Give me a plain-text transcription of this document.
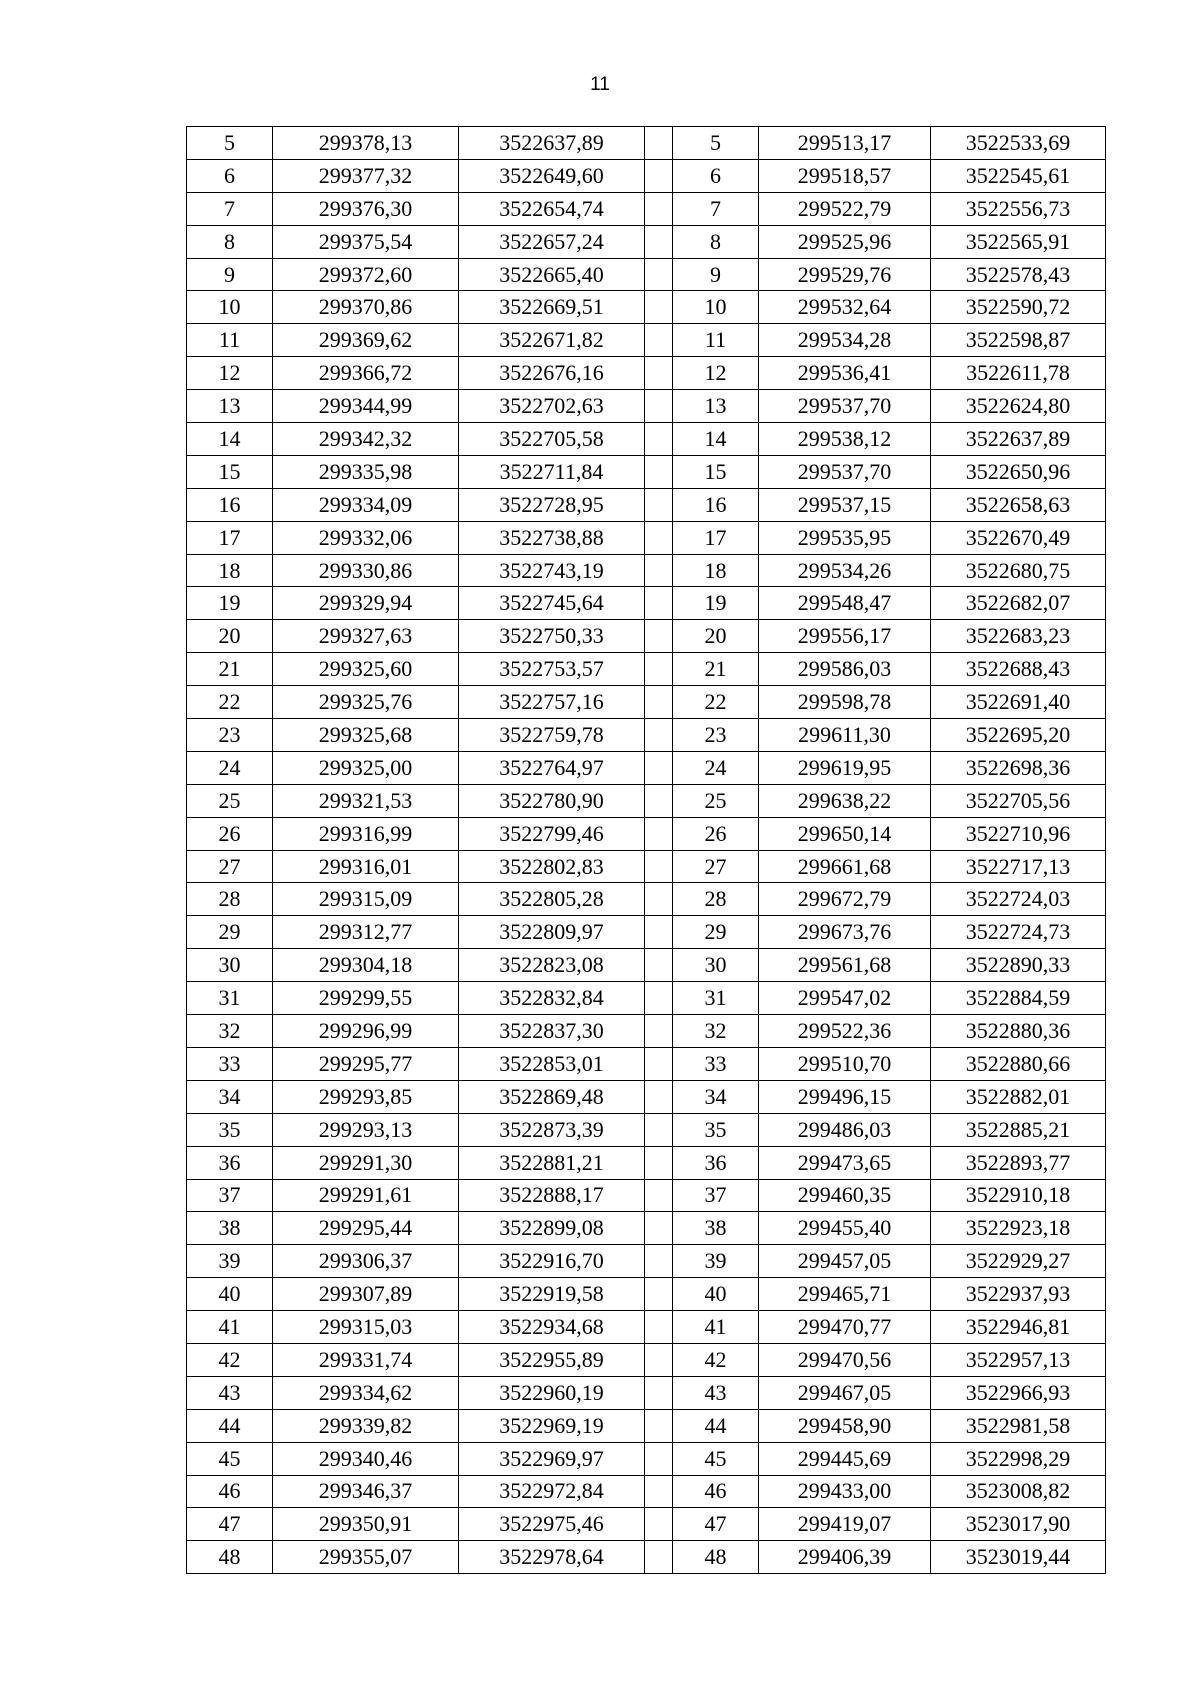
11
5	299378,13	3522637,89		5	299513,17	3522533,69
6	299377,32	3522649,60		6	299518,57	3522545,61
7	299376,30	3522654,74		7	299522,79	3522556,73
8	299375,54	3522657,24		8	299525,96	3522565,91
9	299372,60	3522665,40		9	299529,76	3522578,43
10	299370,86	3522669,51		10	299532,64	3522590,72
11	299369,62	3522671,82		11	299534,28	3522598,87
12	299366,72	3522676,16		12	299536,41	3522611,78
13	299344,99	3522702,63		13	299537,70	3522624,80
14	299342,32	3522705,58		14	299538,12	3522637,89
15	299335,98	3522711,84		15	299537,70	3522650,96
16	299334,09	3522728,95		16	299537,15	3522658,63
17	299332,06	3522738,88		17	299535,95	3522670,49
18	299330,86	3522743,19		18	299534,26	3522680,75
19	299329,94	3522745,64		19	299548,47	3522682,07
20	299327,63	3522750,33		20	299556,17	3522683,23
21	299325,60	3522753,57		21	299586,03	3522688,43
22	299325,76	3522757,16		22	299598,78	3522691,40
23	299325,68	3522759,78		23	299611,30	3522695,20
24	299325,00	3522764,97		24	299619,95	3522698,36
25	299321,53	3522780,90		25	299638,22	3522705,56
26	299316,99	3522799,46		26	299650,14	3522710,96
27	299316,01	3522802,83		27	299661,68	3522717,13
28	299315,09	3522805,28		28	299672,79	3522724,03
29	299312,77	3522809,97		29	299673,76	3522724,73
30	299304,18	3522823,08		30	299561,68	3522890,33
31	299299,55	3522832,84		31	299547,02	3522884,59
32	299296,99	3522837,30		32	299522,36	3522880,36
33	299295,77	3522853,01		33	299510,70	3522880,66
34	299293,85	3522869,48		34	299496,15	3522882,01
35	299293,13	3522873,39		35	299486,03	3522885,21
36	299291,30	3522881,21		36	299473,65	3522893,77
37	299291,61	3522888,17		37	299460,35	3522910,18
38	299295,44	3522899,08		38	299455,40	3522923,18
39	299306,37	3522916,70		39	299457,05	3522929,27
40	299307,89	3522919,58		40	299465,71	3522937,93
41	299315,03	3522934,68		41	299470,77	3522946,81
42	299331,74	3522955,89		42	299470,56	3522957,13
43	299334,62	3522960,19		43	299467,05	3522966,93
44	299339,82	3522969,19		44	299458,90	3522981,58
45	299340,46	3522969,97		45	299445,69	3522998,29
46	299346,37	3522972,84		46	299433,00	3523008,82
47	299350,91	3522975,46		47	299419,07	3523017,90
48	299355,07	3522978,64		48	299406,39	3523019,44
